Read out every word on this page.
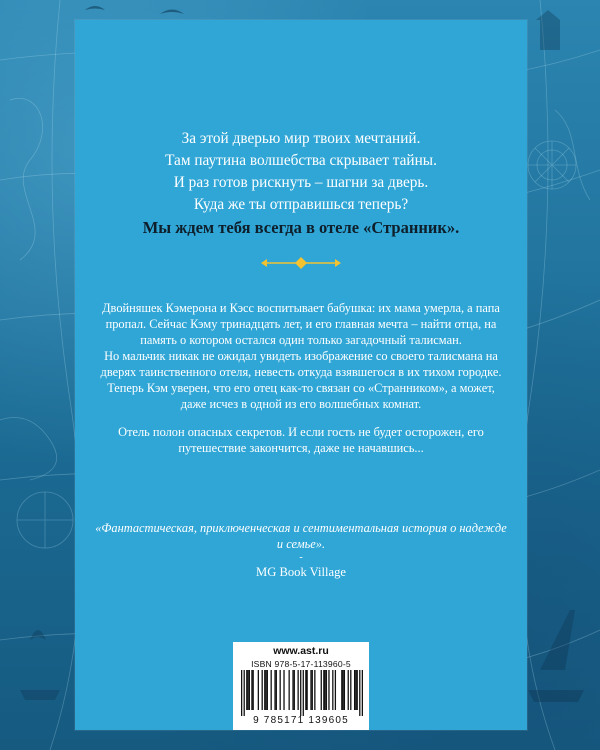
За этой дверью мир твоих мечтаний.
Там паутина волшебства скрывает тайны.
И раз готов рискнуть – шагни за дверь.
Куда же ты отправишься теперь?
Мы ждем тебя всегда в отеле «Странник».

Двойняшек Кэмерона и Кэсс воспитывает бабушка: их мама умерла, а папа пропал. Сейчас Кэму тринадцать лет, и его главная мечта – найти отца, на память о котором остался один только загадочный талисман.

Но мальчик никак не ожидал увидеть изображение со своего талисмана на дверях таинственного отеля, невесть откуда взявшегося в их тихом городке.

Теперь Кэм уверен, что его отец как-то связан со «Странником», а может, даже исчез в одной из его волшебных комнат.

Отель полон опасных секретов. И если гость не будет осторожен, его путешествие закончится, даже не начавшись...

«Фантастическая, приключенческая и сентиментальная история о надежде и семье».
-
MG Book Village
www.ast.ru
ISBN 978-5-17-113960-5
9 785171 139605
